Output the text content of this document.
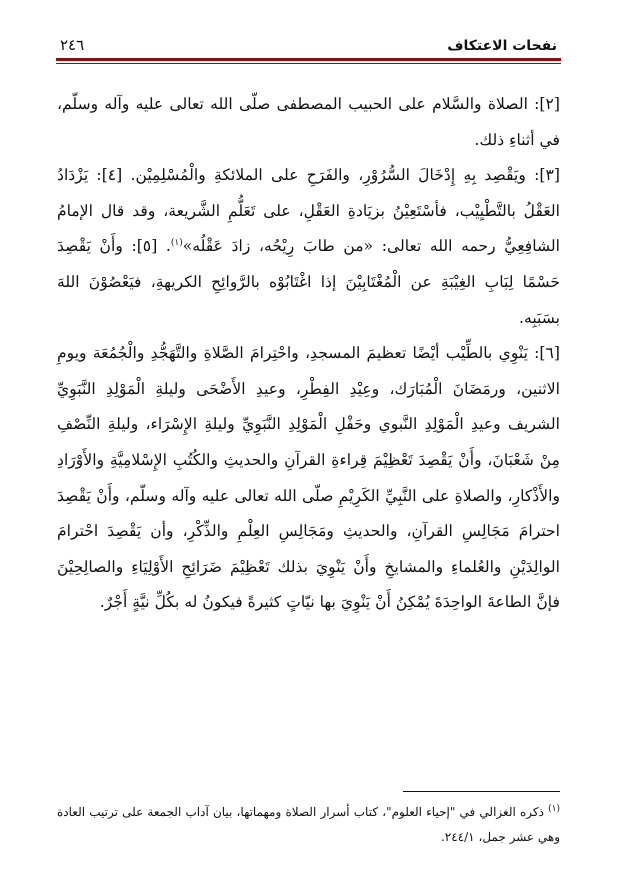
نفحات الاعتكاف
٢٤٦

[٢]: الصلاة والسَّلام على الحبيب المصطفى صلّى الله تعالى عليه وآله وسلّم، في أثناءِ ذلك.

[٣]: ويَقْصِد بِهِ إِدْخَالَ السُّرُوْرِ، والفَرَحِ على الملائكةِ والْمُسْلِمِيْن. [٤]: يَزْدَادُ العَقْلُ بالتَّطْيِيْب، فأسْتَعِيْنُ بزيَادةِ العَقْلِ، على تَعَلُّمِ الشَّريعة، وقد قال الإمامُ الشافِعِيُّ رحمه الله تعالى: «من طابَ رِيْحُه، زادَ عَقْلُه»$^{(١)}$. [٥]: وأَنْ يَقْصِدَ حَسْمًا لِبَابِ الغِيْبَةِ عن الْمُغْتَابِيْنَ إذا اغْتَابُوْه بالرَّوائِحِ الكريهةِ، فيَعْصُوْنَ اللهَ بسَبَبِه.

[٦]: يَنْوِي بالطِّيْب أيْضًا تعظيمَ المسجدِ، واحْتِرامَ الصَّلاةِ والتَّهَجُّدِ والْجُمُعَة ويومِ الاثنين، ورمَضَانَ الْمُبَارَك، وعِيْدِ الفِطْرِ، وعيدِ الأَضْحَى وليلةِ الْمَوْلِدِ النَّبَوِيِّ الشريف وعيدِ الْمَوْلِدِ النَّبوي وحَفْلِ الْمَوْلِدِ النَّبَوِيِّ وليلةِ الإِسْرَاء، وليلةِ النِّصْفِ مِنْ شَعْبَانَ، وأَنْ يَقْصِدَ تَعْظِيْمَ قِراءةِ القرآنِ والحديثِ والكُتُبِ الإِسْلامِيَّةِ والأَوْرَادِ والأَذْكارِ، والصلاةِ على النَّبِيِّ الكَرِيْمِ صلّى الله تعالى عليه وآله وسلّم، وأَنْ يَقْصِدَ احترامَ مَجَالِسِ القرآنِ، والحديثِ ومَجَالِسِ العِلْمِ والذِّكْرِ، وأن يَقْصِدَ احْترامَ الوالِدَيْنِ والعُلماءِ والمشايخِ وأَنْ يَنْوِيَ بذلك تَعْظِيْمَ ضَرَائِحِ الأَوْلِيَاءِ والصالِحِيْنَ فإنَّ الطاعةَ الواحِدَةَ يُمْكِنُ أَنْ يَنْوِيَ بها نيّاتٍ كثيرةً فيكونُ له بكُلِّ نيَّةٍ أَجْرٌ.

$^{(١)}$ ذكره الغزالي في "إحياء العلوم"، كتاب أسرار الصلاة ومهماتها، بيان آداب الجمعة على ترتيب العادة وهي عشر جمل، ٢٤٤/١.
